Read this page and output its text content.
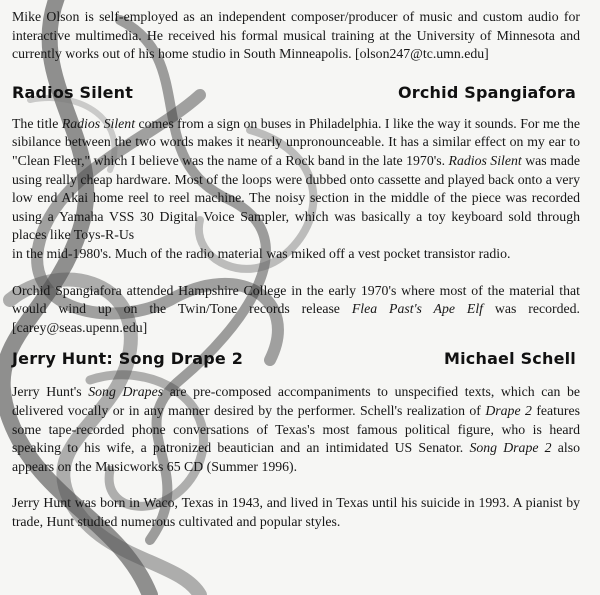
Mike Olson is self-employed as an independent composer/producer of music and custom audio for interactive multimedia. He received his formal musical training at the University of Minnesota and currently works out of his home studio in South Minneapolis. [olson247@tc.umn.edu]

Radios Silent	Orchid Spangiafora

The title Radios Silent comes from a sign on buses in Philadelphia. I like the way it sounds. For me the sibilance between the two words makes it nearly unpronounceable. It has a similar effect on my ear to "Clean Fleer," which I believe was the name of a Rock band in the late 1970's. Radios Silent was made using really cheap hardware. Most of the loops were dubbed onto cassette and played back onto a very low end Akai home reel to reel machine. The noisy section in the middle of the piece was recorded using a Yamaha VSS 30 Digital Voice Sampler, which was basically a toy keyboard sold through places like Toys-R-Us
in the mid-1980's. Much of the radio material was miked off a vest pocket transistor radio.

Orchid Spangiafora attended Hampshire College in the early 1970's where most of the material that would wind up on the Twin/Tone records release Flea Past's Ape Elf was recorded. [carey@seas.upenn.edu]

Jerry Hunt: Song Drape 2	Michael Schell

Jerry Hunt's Song Drapes are pre-composed accompaniments to unspecified texts, which can be delivered vocally or in any manner desired by the performer. Schell's realization of Drape 2 features some tape-recorded phone conversations of Texas's most famous political figure, who is heard speaking to his wife, a patronized beautician and an intimidated US Senator. Song Drape 2 also appears on the Musicworks 65 CD (Summer 1996).

Jerry Hunt was born in Waco, Texas in 1943, and lived in Texas until his suicide in 1993. A pianist by trade, Hunt studied numerous cultivated and popular styles.
